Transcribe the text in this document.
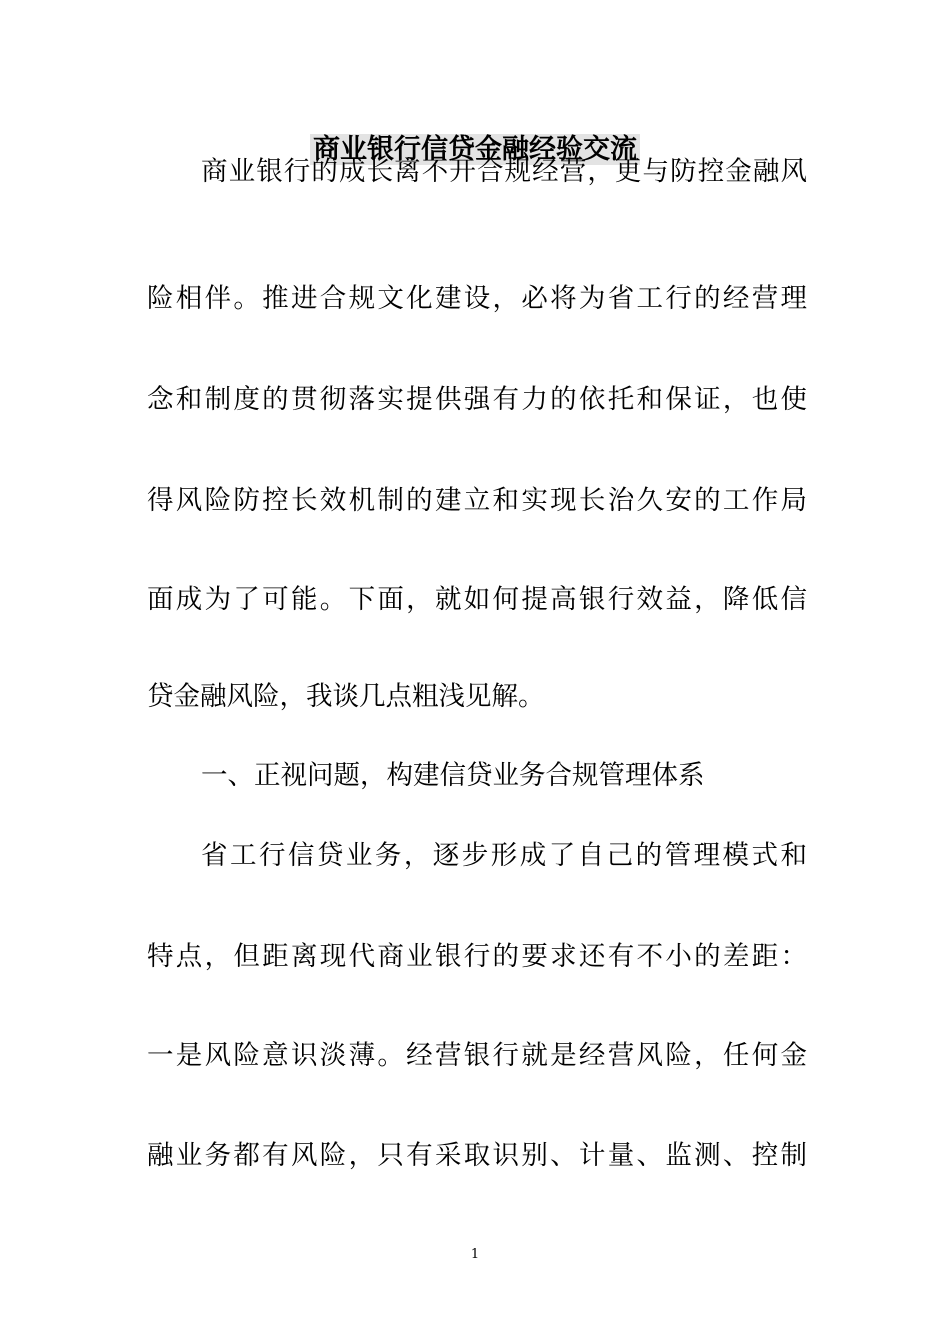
商业银行信贷金融经验交流
商业银行的成长离不开合规经营，更与防控金融风
险相伴。推进合规文化建设，必将为省工行的经营理
念和制度的贯彻落实提供强有力的依托和保证，也使
得风险防控长效机制的建立和实现长治久安的工作局
面成为了可能。下面，就如何提高银行效益，降低信
贷金融风险，我谈几点粗浅见解。
一、正视问题，构建信贷业务合规管理体系
省工行信贷业务，逐步形成了自己的管理模式和
特点，但距离现代商业银行的要求还有不小的差距：
一是风险意识淡薄。经营银行就是经营风险，任何金
融业务都有风险，只有采取识别、计量、监测、控制
1
